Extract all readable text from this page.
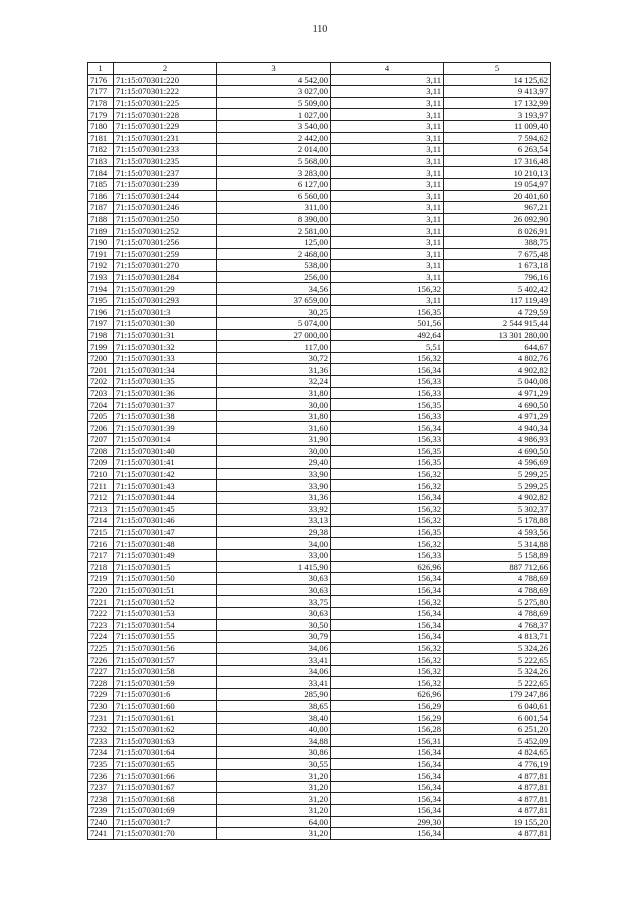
110
1	2	3	4	5
7176	71:15:070301:220	4 542,00	3,11	14 125,62
7177	71:15:070301:222	3 027,00	3,11	9 413,97
7178	71:15:070301:225	5 509,00	3,11	17 132,99
7179	71:15:070301:228	1 027,00	3,11	3 193,97
7180	71:15:070301:229	3 540,00	3,11	11 009,40
7181	71:15:070301:231	2 442,00	3,11	7 594,62
7182	71:15:070301:233	2 014,00	3,11	6 263,54
7183	71:15:070301:235	5 568,00	3,11	17 316,48
7184	71:15:070301:237	3 283,00	3,11	10 210,13
7185	71:15:070301:239	6 127,00	3,11	19 054,97
7186	71:15:070301:244	6 560,00	3,11	20 401,60
7187	71:15:070301:246	311,00	3,11	967,21
7188	71:15:070301:250	8 390,00	3,11	26 092,90
7189	71:15:070301:252	2 581,00	3,11	8 026,91
7190	71:15:070301:256	125,00	3,11	388,75
7191	71:15:070301:259	2 468,00	3,11	7 675,48
7192	71:15:070301:270	538,00	3,11	1 673,18
7193	71:15:070301:284	256,00	3,11	796,16
7194	71:15:070301:29	34,56	156,32	5 402,42
7195	71:15:070301:293	37 659,00	3,11	117 119,49
7196	71:15:070301:3	30,25	156,35	4 729,59
7197	71:15:070301:30	5 074,00	501,56	2 544 915,44
7198	71:15:070301:31	27 000,00	492,64	13 301 280,00
7199	71:15:070301:32	117,00	5,51	644,67
7200	71:15:070301:33	30,72	156,32	4 802,76
7201	71:15:070301:34	31,36	156,34	4 902,82
7202	71:15:070301:35	32,24	156,33	5 040,08
7203	71:15:070301:36	31,80	156,33	4 971,29
7204	71:15:070301:37	30,00	156,35	4 690,50
7205	71:15:070301:38	31,80	156,33	4 971,29
7206	71:15:070301:39	31,60	156,34	4 940,34
7207	71:15:070301:4	31,90	156,33	4 986,93
7208	71:15:070301:40	30,00	156,35	4 690,50
7209	71:15:070301:41	29,40	156,35	4 596,69
7210	71:15:070301:42	33,90	156,32	5 299,25
7211	71:15:070301:43	33,90	156,32	5 299,25
7212	71:15:070301:44	31,36	156,34	4 902,82
7213	71:15:070301:45	33,92	156,32	5 302,37
7214	71:15:070301:46	33,13	156,32	5 178,88
7215	71:15:070301:47	29,38	156,35	4 593,56
7216	71:15:070301:48	34,00	156,32	5 314,88
7217	71:15:070301:49	33,00	156,33	5 158,89
7218	71:15:070301:5	1 415,90	626,96	887 712,66
7219	71:15:070301:50	30,63	156,34	4 788,69
7220	71:15:070301:51	30,63	156,34	4 788,69
7221	71:15:070301:52	33,75	156,32	5 275,80
7222	71:15:070301:53	30,63	156,34	4 788,69
7223	71:15:070301:54	30,50	156,34	4 768,37
7224	71:15:070301:55	30,79	156,34	4 813,71
7225	71:15:070301:56	34,06	156,32	5 324,26
7226	71:15:070301:57	33,41	156,32	5 222,65
7227	71:15:070301:58	34,06	156,32	5 324,26
7228	71:15:070301:59	33,41	156,32	5 222,65
7229	71:15:070301:6	285,90	626,96	179 247,86
7230	71:15:070301:60	38,65	156,29	6 040,61
7231	71:15:070301:61	38,40	156,29	6 001,54
7232	71:15:070301:62	40,00	156,28	6 251,20
7233	71:15:070301:63	34,88	156,31	5 452,09
7234	71:15:070301:64	30,86	156,34	4 824,65
7235	71:15:070301:65	30,55	156,34	4 776,19
7236	71:15:070301:66	31,20	156,34	4 877,81
7237	71:15:070301:67	31,20	156,34	4 877,81
7238	71:15:070301:68	31,20	156,34	4 877,81
7239	71:15:070301:69	31,20	156,34	4 877,81
7240	71:15:070301:7	64,00	299,30	19 155,20
7241	71:15:070301:70	31,20	156,34	4 877,81
